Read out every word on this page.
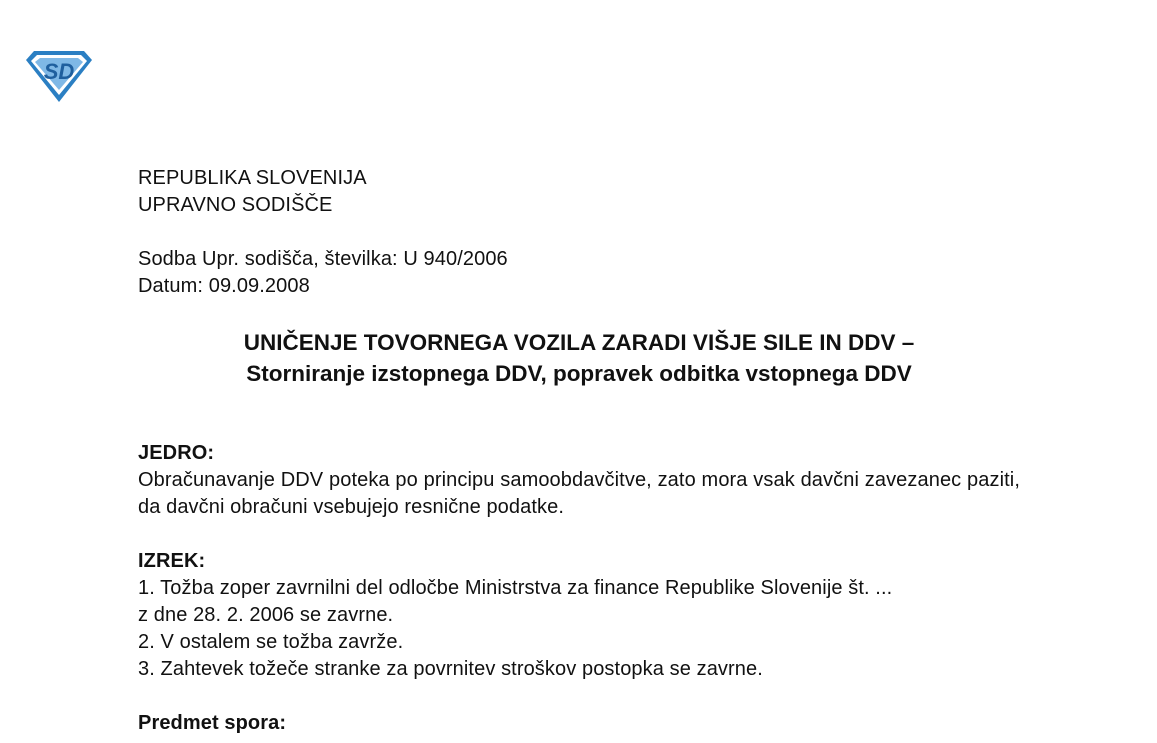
SD
REPUBLIKA SLOVENIJA
UPRAVNO SODIŠČE
Sodba Upr. sodišča, številka: U 940/2006
Datum: 09.09.2008
UNIČENJE TOVORNEGA VOZILA ZARADI VIŠJE SILE IN DDV –
Storniranje izstopnega DDV, popravek odbitka vstopnega DDV
JEDRO:
Obračunavanje DDV poteka po principu samoobdavčitve, zato mora vsak davčni zavezanec paziti, da davčni obračuni vsebujejo resnične podatke.
IZREK:
1. Tožba zoper zavrnilni del odločbe Ministrstva za finance Republike Slovenije št. ...
z dne 28. 2. 2006 se zavrne.
2. V ostalem se tožba zavrže.
3. Zahtevek tožeče stranke za povrnitev stroškov postopka se zavrne.
Predmet spora:
